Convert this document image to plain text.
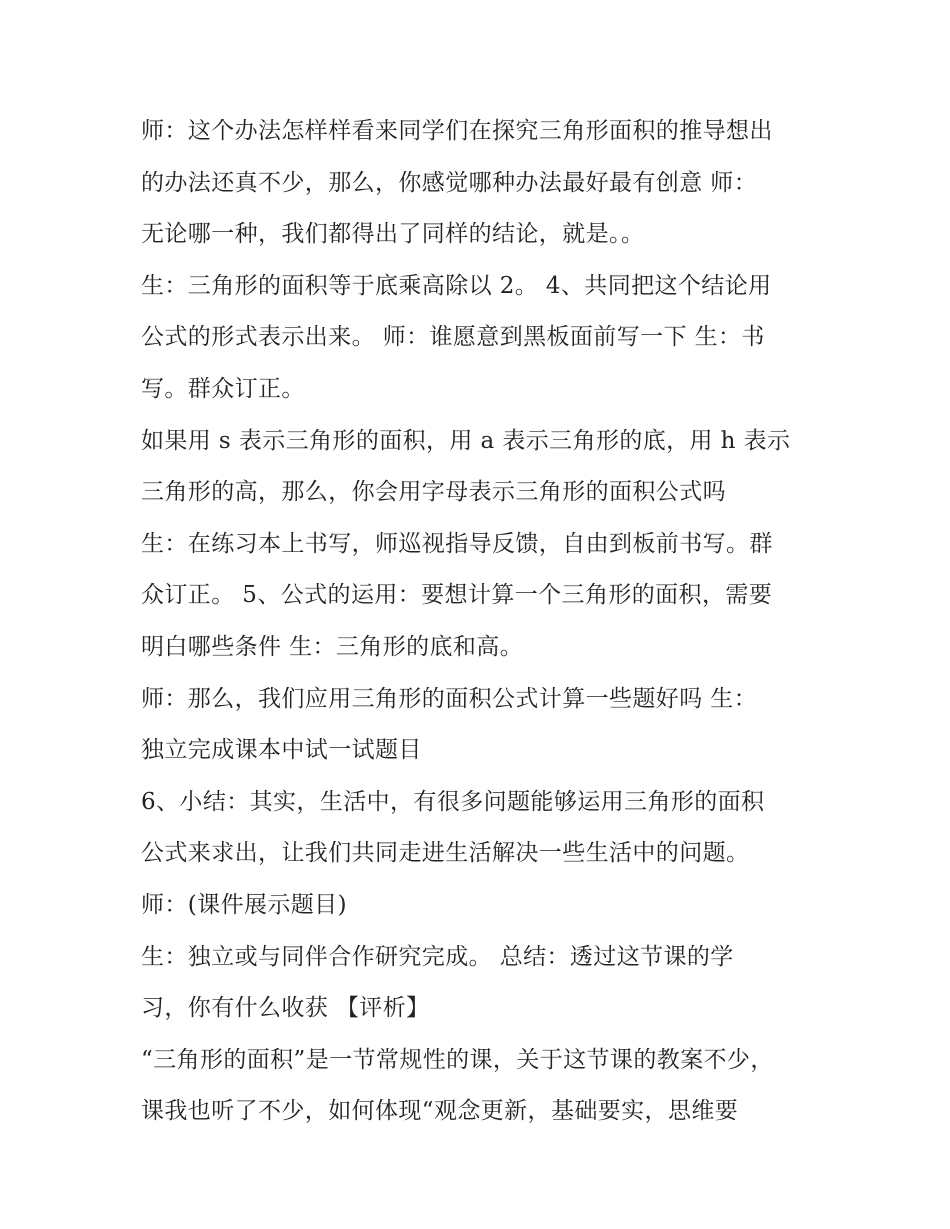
师：这个办法怎样样看来同学们在探究三角形面积的推导想出
的办法还真不少，那么，你感觉哪种办法最好最有创意 师：
无论哪一种，我们都得出了同样的结论，就是。。
生：三角形的面积等于底乘高除以 2。 4、共同把这个结论用
公式的形式表示出来。 师：谁愿意到黑板面前写一下 生：书
写。群众订正。
如果用 s 表示三角形的面积，用 a 表示三角形的底，用 h 表示
三角形的高，那么，你会用字母表示三角形的面积公式吗
生：在练习本上书写，师巡视指导反馈，自由到板前书写。群
众订正。 5、公式的运用：要想计算一个三角形的面积，需要
明白哪些条件 生：三角形的底和高。
师：那么，我们应用三角形的面积公式计算一些题好吗 生：
独立完成课本中试一试题目
6、小结：其实，生活中，有很多问题能够运用三角形的面积
公式来求出，让我们共同走进生活解决一些生活中的问题。
师：(课件展示题目)
生：独立或与同伴合作研究完成。 总结：透过这节课的学
习，你有什么收获 【评析】
“三角形的面积”是一节常规性的课，关于这节课的教案不少，
课我也听了不少，如何体现“观念更新，基础要实，思维要
